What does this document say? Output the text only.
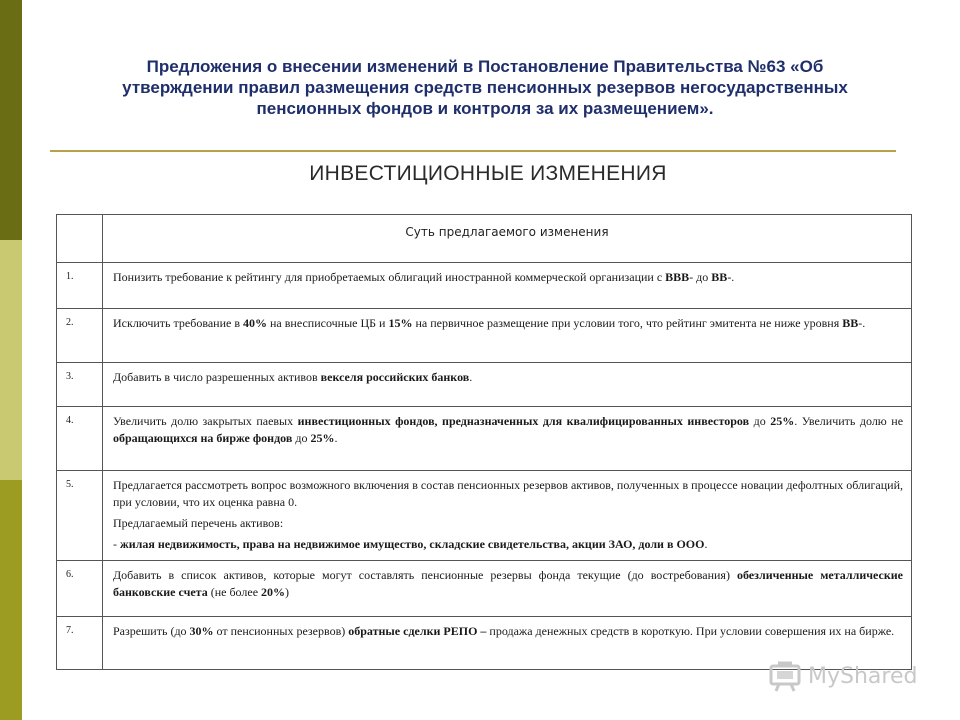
Предложения о внесении изменений в Постановление Правительства №63 «Об
утверждении правил размещения средств пенсионных резервов негосударственных
пенсионных фондов и контроля за их размещением».
ИНВЕСТИЦИОННЫЕ ИЗМЕНЕНИЯ
Суть предлагаемого изменения
1.	Понизить требование к рейтингу для приобретаемых облигаций иностранной коммерческой организации с BBB- до BB-.
2.	Исключить требование в 40% на внесписочные ЦБ и 15% на первичное размещение при условии того, что рейтинг эмитента не ниже уровня BB-.
3.	Добавить в число разрешенных активов векселя российских банков.
4.	Увеличить долю закрытых паевых инвестиционных фондов, предназначенных для квалифицированных инвесторов до 25%. Увеличить долю не обращающихся на бирже фондов до 25%.
5.	Предлагается рассмотреть вопрос возможного включения в состав пенсионных резервов активов, полученных в процессе новации дефолтных облигаций, при условии, что их оценка равна 0.

Предлагаемый перечень активов:

- жилая недвижимость, права на недвижимое имущество, складские свидетельства, акции ЗАО, доли в ООО.

6.	Добавить в список активов, которые могут составлять пенсионные резервы фонда текущие (до востребования) обезличенные металлические банковские счета (не более 20%)
7.	Разрешить (до 30% от пенсионных резервов) обратные сделки РЕПО – продажа денежных средств в короткую. При условии совершения их на бирже.
MyShared
